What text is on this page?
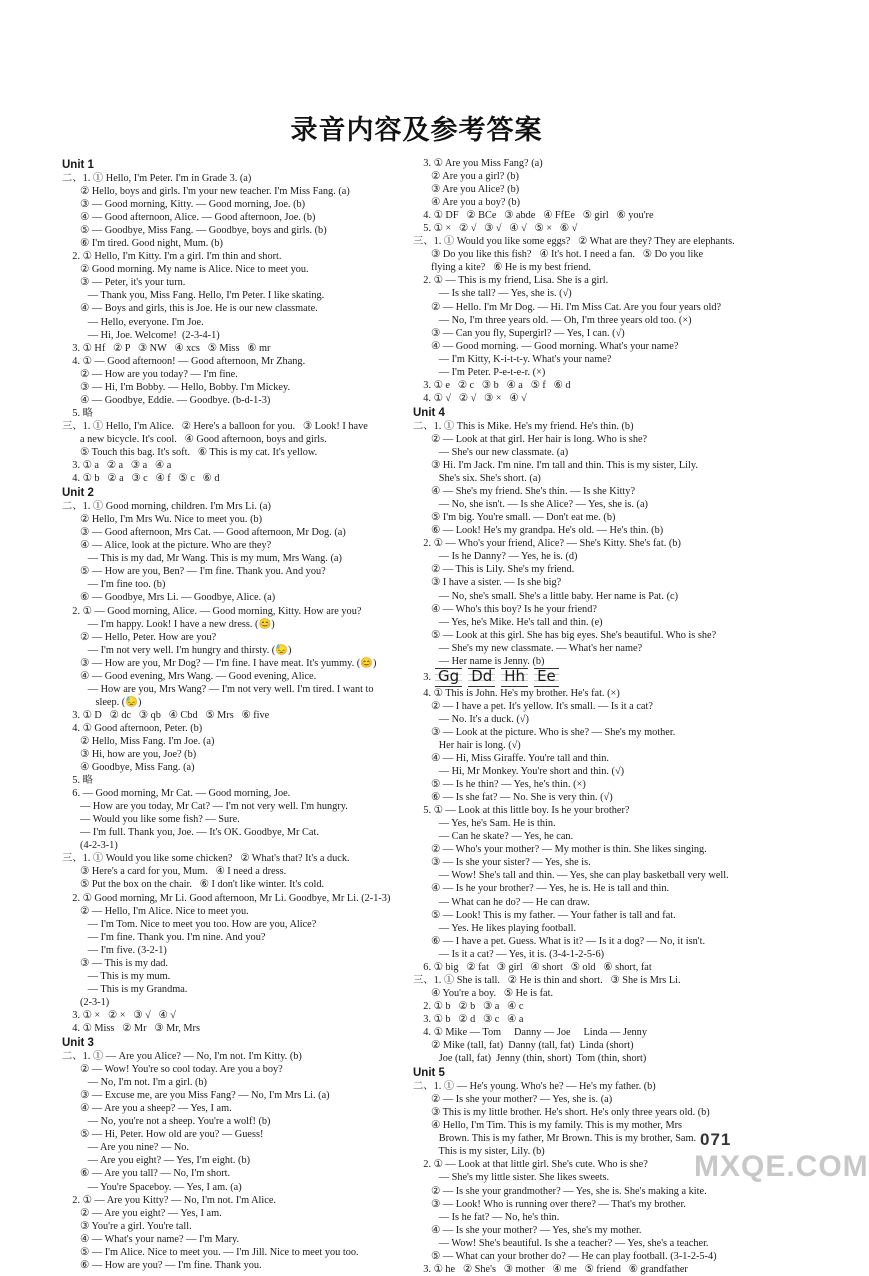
录音内容及参考答案
Unit 1
二、1. ① Hello, I'm Peter. I'm in Grade 3. (a)
② Hello, boys and girls. I'm your new teacher. I'm Miss Fang. (a)
③ — Good morning, Kitty. — Good morning, Joe. (b)
④ — Good afternoon, Alice. — Good afternoon, Joe. (b)
⑤ — Goodbye, Miss Fang. — Goodbye, boys and girls. (b)
⑥ I'm tired. Good night, Mum. (b)
2. ① Hello, I'm Kitty. I'm a girl. I'm thin and short.
② Good morning. My name is Alice. Nice to meet you.
③ — Peter, it's your turn.
— Thank you, Miss Fang. Hello, I'm Peter. I like skating.
④ — Boys and girls, this is Joe. He is our new classmate.
— Hello, everyone. I'm Joe.
— Hi, Joe. Welcome!  (2-3-4-1)
3. ① Hf   ② P   ③ NW   ④ xcs   ⑤ Miss   ⑥ mr
4. ① — Good afternoon! — Good afternoon, Mr Zhang.
② — How are you today? — I'm fine.
③ — Hi, I'm Bobby. — Hello, Bobby. I'm Mickey.
④ — Goodbye, Eddie. — Goodbye. (b-d-1-3)
5. 略
三、1. ① Hello, I'm Alice.   ② Here's a balloon for you.   ③ Look! I have
a new bicycle. It's cool.   ④ Good afternoon, boys and girls.
⑤ Touch this bag. It's soft.   ⑥ This is my cat. It's yellow.
3. ① a   ② a   ③ a   ④ a
4. ① b   ② a   ③ c   ④ f   ⑤ c   ⑥ d
Unit 2
二、1. ① Good morning, children. I'm Mrs Li. (a)
② Hello, I'm Mrs Wu. Nice to meet you. (b)
③ — Good afternoon, Mrs Cat. — Good afternoon, Mr Dog. (a)
④ — Alice, look at the picture. Who are they?
— This is my dad, Mr Wang. This is my mum, Mrs Wang. (a)
⑤ — How are you, Ben? — I'm fine. Thank you. And you?
— I'm fine too. (b)
⑥ — Goodbye, Mrs Li. — Goodbye, Alice. (a)
2. ① — Good morning, Alice. — Good morning, Kitty. How are you?
— I'm happy. Look! I have a new dress. (😊)
② — Hello, Peter. How are you?
— I'm not very well. I'm hungry and thirsty. (😓)
③ — How are you, Mr Dog? — I'm fine. I have meat. It's yummy. (😊)
④ — Good evening, Mrs Wang. — Good evening, Alice.
— How are you, Mrs Wang? — I'm not very well. I'm tired. I want to
sleep. (😓)
3. ① D   ② dc   ③ qb   ④ Cbd   ⑤ Mrs   ⑥ five
4. ① Good afternoon, Peter. (b)
② Hello, Miss Fang. I'm Joe. (a)
③ Hi, how are you, Joe? (b)
④ Goodbye, Miss Fang. (a)
5. 略
6. — Good morning, Mr Cat. — Good morning, Joe.
— How are you today, Mr Cat? — I'm not very well. I'm hungry.
— Would you like some fish? — Sure.
— I'm full. Thank you, Joe. — It's OK. Goodbye, Mr Cat.
(4-2-3-1)
三、1. ① Would you like some chicken?   ② What's that? It's a duck.
③ Here's a card for you, Mum.   ④ I need a dress.
⑤ Put the box on the chair.   ⑥ I don't like winter. It's cold.
2. ① Good morning, Mr Li. Good afternoon, Mr Li. Goodbye, Mr Li. (2-1-3)
② — Hello, I'm Alice. Nice to meet you.
— I'm Tom. Nice to meet you too. How are you, Alice?
— I'm fine. Thank you. I'm nine. And you?
— I'm five. (3-2-1)
③ — This is my dad.
— This is my mum.
— This is my Grandma.
(2-3-1)
3. ① ×   ② ×   ③ √   ④ √
4. ① Miss   ② Mr   ③ Mr, Mrs
Unit 3
二、1. ① — Are you Alice? — No, I'm not. I'm Kitty. (b)
② — Wow! You're so cool today. Are you a boy?
— No, I'm not. I'm a girl. (b)
③ — Excuse me, are you Miss Fang? — No, I'm Mrs Li. (a)
④ — Are you a sheep? — Yes, I am.
— No, you're not a sheep. You're a wolf! (b)
⑤ — Hi, Peter. How old are you? — Guess!
— Are you nine? — No.
— Are you eight? — Yes, I'm eight. (b)
⑥ — Are you tall? — No, I'm short.
— You're Spaceboy. — Yes, I am. (a)
2. ① — Are you Kitty? — No, I'm not. I'm Alice.
② — Are you eight? — Yes, I am.
③ You're a girl. You're tall.
④ — What's your name? — I'm Mary.
⑤ — I'm Alice. Nice to meet you. — I'm Jill. Nice to meet you too.
⑥ — How are you? — I'm fine. Thank you.
3. ① Are you Miss Fang? (a)
② Are you a girl? (b)
③ Are you Alice? (b)
④ Are you a boy? (b)
4. ① DF   ② BCe   ③ abde   ④ FfEe   ⑤ girl   ⑥ you're
5. ① ×   ② √   ③ √   ④ √   ⑤ ×   ⑥ √
三、1. ① Would you like some eggs?   ② What are they? They are elephants.
③ Do you like this fish?   ④ It's hot. I need a fan.   ⑤ Do you like
flying a kite?   ⑥ He is my best friend.
2. ① — This is my friend, Lisa. She is a girl.
— Is she tall? — Yes, she is. (√)
② — Hello. I'm Mr Dog. — Hi. I'm Miss Cat. Are you four years old?
— No, I'm three years old. — Oh, I'm three years old too. (×)
③ — Can you fly, Supergirl? — Yes, I can. (√)
④ — Good morning. — Good morning. What's your name?
— I'm Kitty, K-i-t-t-y. What's your name?
— I'm Peter. P-e-t-e-r. (×)
3. ① e   ② c   ③ b   ④ a   ⑤ f   ⑥ d
4. ① √   ② √   ③ ×   ④ √
Unit 4
二、1. ① This is Mike. He's my friend. He's thin. (b)
② — Look at that girl. Her hair is long. Who is she?
— She's our new classmate. (a)
③ Hi. I'm Jack. I'm nine. I'm tall and thin. This is my sister, Lily.
She's six. She's short. (a)
④ — She's my friend. She's thin. — Is she Kitty?
— No, she isn't. — Is she Alice? — Yes, she is. (a)
⑤ I'm big. You're small. — Don't eat me. (b)
⑥ — Look! He's my grandpa. He's old. — He's thin. (b)
2. ① — Who's your friend, Alice? — She's Kitty. She's fat. (b)
— Is he Danny? — Yes, he is. (d)
② — This is Lily. She's my friend.
③ I have a sister. — Is she big?
— No, she's small. She's a little baby. Her name is Pat. (c)
④ — Who's this boy? Is he your friend?
— Yes, he's Mike. He's tall and thin. (e)
⑤ — Look at this girl. She has big eyes. She's beautiful. Who is she?
— She's my new classmate. — What's her name?
— Her name is Jenny. (b)
3. Gg Dd Hh Ee
4. ① This is John. He's my brother. He's fat. (×)
② — I have a pet. It's yellow. It's small. — Is it a cat?
— No. It's a duck. (√)
③ — Look at the picture. Who is she? — She's my mother.
Her hair is long. (√)
④ — Hi, Miss Giraffe. You're tall and thin.
— Hi, Mr Monkey. You're short and thin. (√)
⑤ — Is he thin? — Yes, he's thin. (×)
⑥ — Is she fat? — No. She is very thin. (√)
5. ① — Look at this little boy. Is he your brother?
— Yes, he's Sam. He is thin.
— Can he skate? — Yes, he can.
② — Who's your mother? — My mother is thin. She likes singing.
③ — Is she your sister? — Yes, she is.
— Wow! She's tall and thin. — Yes, she can play basketball very well.
④ — Is he your brother? — Yes, he is. He is tall and thin.
— What can he do? — He can draw.
⑤ — Look! This is my father. — Your father is tall and fat.
— Yes. He likes playing football.
⑥ — I have a pet. Guess. What is it? — Is it a dog? — No, it isn't.
— Is it a cat? — Yes, it is. (3-4-1-2-5-6)
6. ① big   ② fat   ③ girl   ④ short   ⑤ old   ⑥ short, fat
三、1. ① She is tall.   ② He is thin and short.   ③ She is Mrs Li.
④ You're a boy.   ⑤ He is fat.
2. ① b   ② b   ③ a   ④ c
3. ① b   ② d   ③ c   ④ a
4. ① Mike — Tom     Danny — Joe     Linda — Jenny
② Mike (tall, fat)  Danny (tall, fat)  Linda (short)
Joe (tall, fat)  Jenny (thin, short)  Tom (thin, short)
Unit 5
二、1. ① — He's young. Who's he? — He's my father. (b)
② — Is she your mother? — Yes, she is. (a)
③ This is my little brother. He's short. He's only three years old. (b)
④ Hello, I'm Tim. This is my family. This is my mother, Mrs
Brown. This is my father, Mr Brown. This is my brother, Sam.
This is my sister, Lily. (b)
2. ① — Look at that little girl. She's cute. Who is she?
— She's my little sister. She likes sweets.
② — Is she your grandmother? — Yes, she is. She's making a kite.
③ — Look! Who is running over there? — That's my brother.
— Is he fat? — No, he's thin.
④ — Is she your mother? — Yes, she's my mother.
— Wow! She's beautiful. Is she a teacher? — Yes, she's a teacher.
⑤ — What can your brother do? — He can play football. (3-1-2-5-4)
3. ① he   ② She's   ③ mother   ④ me   ⑤ friend   ⑥ grandfather
071
MXQE.COM
